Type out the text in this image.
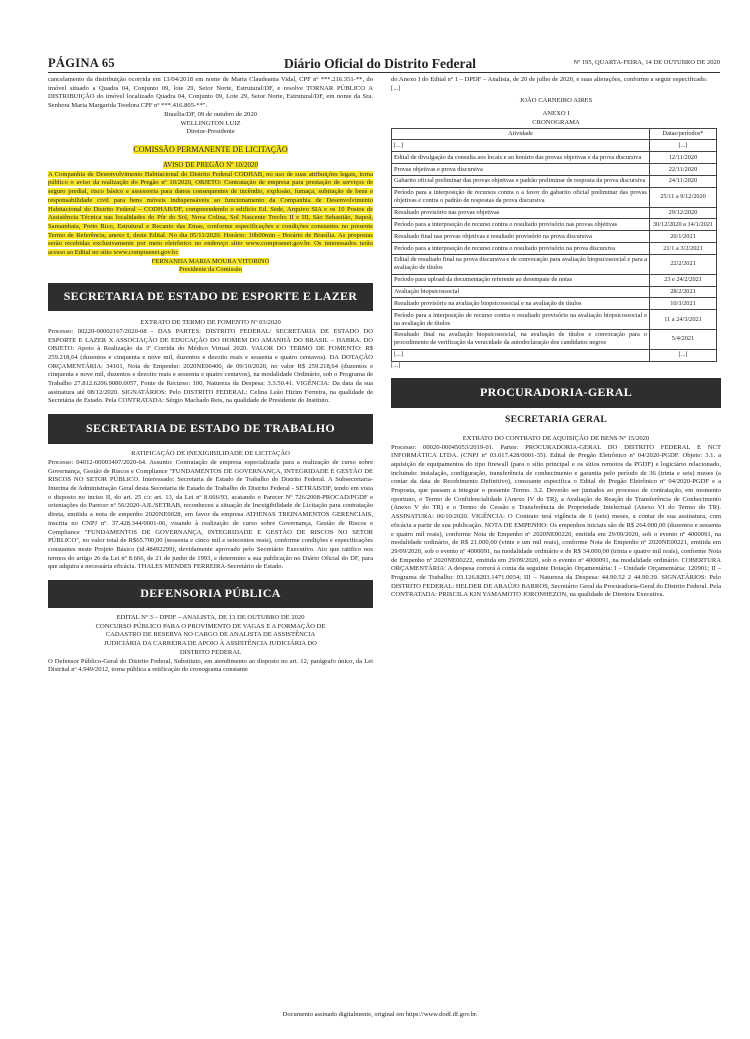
Diário Oficial do Distrito Federal
PÁGINA 65	Nº 195, QUARTA-FEIRA, 14 DE OUTUBRO DE 2020

cancelamento da distribuição ocorrida em 13/04/2018 em nome de Maria Claudeania Vidal, CPF nº ***.216.351-**, do imóvel situado a Quadra 04, Conjunto 09, lote 29, Setor Norte, Estrutural/DF, e resolve TORNAR PÚBLICO A DISTRIBUIÇÃO do imóvel localizado Quadra 04, Conjunto 09, Lote 29, Setor Norte, Estrutural/DF, em nome da Sra. Senhora Maria Margarida Teodora CPF nº ***.416.805-**".

Brasília/DF, 09 de outubro de 2020

WELLINGTON LUIZ

Diretor-Presidente

COMISSÃO PERMANENTE DE LICITAÇÃO

AVISO DE PREGÃO Nº 10/2020

A Companhia de Desenvolvimento Habitacional do Distrito Federal CODHAB, no uso de suas atribuições legais, torna público o aviso da realização do Pregão nº 10/2020, OBJETO: Contratação de empresa para prestação de serviços de seguro predial, risco básico e assessoria para danos consequentes de incêndio, explosão, fumaça, subtração de bens e responsabilidade civil para bens móveis indispensáveis ao funcionamento da Companhia de Desenvolvimento Habitacional do Distrito Federal – CODHAB/DF, compreendendo o edifício Ed. Sede, Arquivo SIA e os 10 Postos de Assistência Técnica nas localidades do Pôr do Sol, Nova Colina, Sol Nascente Trecho II e III, São Sebastião, Itapoã, Samambaia, Porto Rico, Estrutural e Recanto das Emas, conforme especificações e condições constantes no presente Termo de Referência, anexo I, deste Edital. No dia 05/11/2020. Horário: 10h00min - Horário de Brasília. As propostas serão recebidas exclusivamente por meio eletrônico no endereço sítio www.comprasnet.gov.br. Os interessados terão acesso ao Edital no sítio www.comprasnet.gov.br.

FERNANDA MARIA MOURA VITORINO

Presidente da Comissão

SECRETARIA DE ESTADO DE ESPORTE E LAZER

EXTRATO DE TERMO DE FOMENTO Nº 03/2020

Processo: 00220-00002167/2020-08 - DAS PARTES: DISTRITO FEDERAL/ SECRETARIA DE ESTADO DO ESPORTE E LAZER X ASSOCIAÇÃO DE EDUCAÇÃO DO HOMEM DO AMANHÃ DO BRASIL – HABRA. DO OBJETO: Apoio à Realização da 3ª Corrida do Médico Virtual 2020. VALOR DO TERMO DE FOMENTO: R$ 259.218,64 (duzentos e cinquenta e nove mil, duzentos e dezoito reais e sessenta e quatro centavos). DA DOTAÇÃO ORÇAMENTÁRIA: 34101, Nota de Empenho: 2020NE00400, de 09/10/2020, no valor R$ 259.218,64 (duzentos e cinquenta e nove mil, duzentos e dezoito reais e sessenta e quatro centavos), na modalidade Ordinário, sob o Programa de Trabalho 27.812.6206.9080.0057, Fonte de Recurso: 100, Natureza da Despesa: 3.3.50.41. VIGÊNCIA: Da data da sua assinatura até 08/12/2020. SIGNATÁRIOS: Pelo DISTRITO FEDERAL: Celina Leão Hizim Ferreira, na qualidade de Secretária de Estado. Pela CONTRATADA: Sérgio Machado Reis, na qualidade de Presidente do Instituto.

SECRETARIA DE ESTADO DE TRABALHO

RATIFICAÇÃO DE INEXIGIBILIDADE DE LICITAÇÃO

Processo: 04012-00003497/2020-64. Assunto: Contratação de empresa especializada para a realização de curso sobre Governança, Gestão de Riscos e Compliance "FUNDAMENTOS DE GOVERNANÇA, INTEGRIDADE E GESTÃO DE RISCOS NO SETOR PÚBLICO. Interessado: Secretaria de Estado de Trabalho do Distrito Federal. A Subsecretaria-Interina de Administração Geral desta Secretaria de Estado de Trabalho do Distrito Federal - SETRAB/DF, tendo em vista o disposto no inciso II, do art. 25 c/c art. 13, da Lei nº 8.666/93, acatando o Parecer Nº 726/2008-PROCAD/PGDF e orientações do Parecer nº 56/2020-AJL/SETRAB, reconheceu a situação de Inexigibilidade de Licitação para contratação direta, emitida a nota de empenho 2020NE0028, em favor da empresa ATHENAS TREINAMENTOS GERENCIAIS, inscrita no CNPJ nº. 37.428.344/0001-06, visando à realização de curso sobre Governança, Gestão de Riscos e Compliance "FUNDAMENTOS DE GOVERNANÇA, INTEGRIDADE E GESTÃO DE RISCOS NO SETOR PÚBLICO", no valor total de R$65.700,00 (sessenta e cinco mil e setecentos reais), conforme condições e especificações constantes neste Projeto Básico (id.48492299), devidamente aprovado pelo Secretário Executivo. Ato que ratifico nos termos do artigo 26 da Lei nº 8.666, de 21 de junho de 1993, e determino a sua publicação no Diário Oficial do DF, para que adquira a necessária eficácia. THALES MENDES FERREIRA-Secretário de Estado.

DEFENSORIA PÚBLICA

EDITAL Nº 3 – DPDF – ANALISTA, DE 13 DE OUTUBRO DE 2020

CONCURSO PÚBLICO PARA O PROVIMENTO DE VAGAS E A FORMAÇÃO DE

CADASTRO DE RESERVA NO CARGO DE ANALISTA DE ASSISTÊNCIA

JUDICIÁRIA DA CARREIRA DE APOIO À ASSISTÊNCIA JUDICIÁRIA DO

DISTRITO FEDERAL

O Defensor Público-Geral do Distrito Federal, Substituto, em atendimento ao disposto no art. 12, parágrafo único, da Lei Distrital nº 4.949/2012, torna pública a retificação do cronograma constante

do Anexo I do Edital nº 1 – DPDF – Analista, de 20 de julho de 2020, e suas alterações, conforme a seguir especificado.

[...]

JOÃO CARNEIRO AIRES

ANEXO I

CRONOGRAMA

Atividade	Datas/períodos*
[...]	[...]
Edital de divulgação da consulta aos locais e ao horário das provas objetivas e da prova discursiva	12/11/2020
Provas objetivas e prova discursiva	22/11/2020
Gabarito oficial preliminar das provas objetivas e padrão preliminar de resposta da prova discursiva	24/11/2020
Período para a interposição de recursos contra o a favor do gabarito oficial preliminar das provas objetivas e contra o padrão de respostas da prova discursiva	25/11 a 9/12/2020
Resultado provisório nas provas objetivas	29/12/2020
Período para a interposição de recurso contra o resultado provisório nas provas objetivas	30/12/2020 a 14/1/2021
Resultado final nas provas objetivas e resultado provisório na prova discursiva	20/1/2021
Período para a interposição de recurso contra o resultado provisório na prova discursiva	21/1 a 3/2/2021
Edital de resultado final na prova discursiva e de convocação para avaliação biopsicossocial e para a avaliação de títulos	22/2/2021
Período para upload da documentação referente ao desempate de notas	23 e 24/2/2021
Avaliação biopsicossocial	28/2/2021
Resultado provisório na avaliação biopsicossocial e na avaliação de títulos	10/3/2021
Período para a interposição de recurso contra o resultado provisório na avaliação biopsicossocial e na avaliação de títulos	11 a 24/3/2021
Resultado final na avaliação biopsicossocial, na avaliação de títulos e convocação para o procedimento de verificação da veracidade da autodeclaração dos candidatos negros	5/4/2021
[...]	[...]

[...]

PROCURADORIA-GERAL

SECRETARIA GERAL

EXTRATO DO CONTRATO DE AQUISIÇÃO DE BENS Nº 15/2020

Processo: 00020-00045053/2019-01. Partes: PROCURADORIA-GERAL DO DISTRITO FEDERAL E NCT INFORMÁTICA LTDA. (CNPJ nº 03.017.428/0001-35). Edital de Pregão Eletrônico nº 04/2020-PGDF. Objeto: 3.1. a aquisição de equipamentos do tipo firewall (para o sítio principal e os sítios remotos da PGDF) e logiciário relacionado, incluindo: instalação, configuração, transferência de conhecimento e garantia pelo período de 36 (trinta e seis) meses (a contar da data de Recebimento Definitivo), consoante especifica o Edital do Pregão Eletrônico nº 04/2020-PGDF e a Proposta, que passam a integrar o presente Termo. 3.2. Deverão ser juntados ao processo de contratação, em momento oportuno, o Termo de Confidencialidade (Anexo IV do TR), a Avaliação de Reação de Transferência de Conhecimento (Anexo V do TR) e o Termo de Cessão e Transferência de Propriedade Intelectual (Anexo VI do Termo do TR). ASSINATURA: 06/10/2020. VIGÊNCIA: O Contrato terá vigência de 6 (seis) meses, a contar de sua assinatura, com eficácia a partir de sua publicação. NOTA DE EMPENHO: Os empenhos iniciais são de R$ 264.000,00 (duzentos e sessenta e quatro mil reais), conforme Nota de Empenho nº 2020NE00220, emitida em 29/09/2020, sob o evento nº 4000091, na modalidade ordinário, de R$ 21.000,00 (vinte e um mil reais), conforme Nota de Empenho nº 2020NE00221, emitida em 29/09/2020, sob o evento nº 4000091, na modalidade ordinário e de R$ 34.000,00 (trinta e quatro mil reais), conforme Nota de Empenho nº 2020NE00222, emitida em 29/09/2020, sob o evento nº 4000091, na modalidade ordinário. COBERTURA ORÇAMENTÁRIA: A despesa correrá à conta da seguinte Dotação Orçamentária: I – Unidade Orçamentária: 120901; II – Programa de Trabalho: 03.126.8203.1471.0034; III – Natureza da Despesa: 44.90.52 2 44.90.39. SIGNATÁRIOS: Pelo DISTRITO FEDERAL: HELDER DE ARAÚJO BARROS, Secretário Geral da Procuradoria-Geral do Distrito Federal. Pela CONTRATADA: PRISCILA KIN YAMAMOTO JORONHEZON, na qualidade de Diretora Executiva.

Documento assinado digitalmente, original em https://www.dodf.df.gov.br.
